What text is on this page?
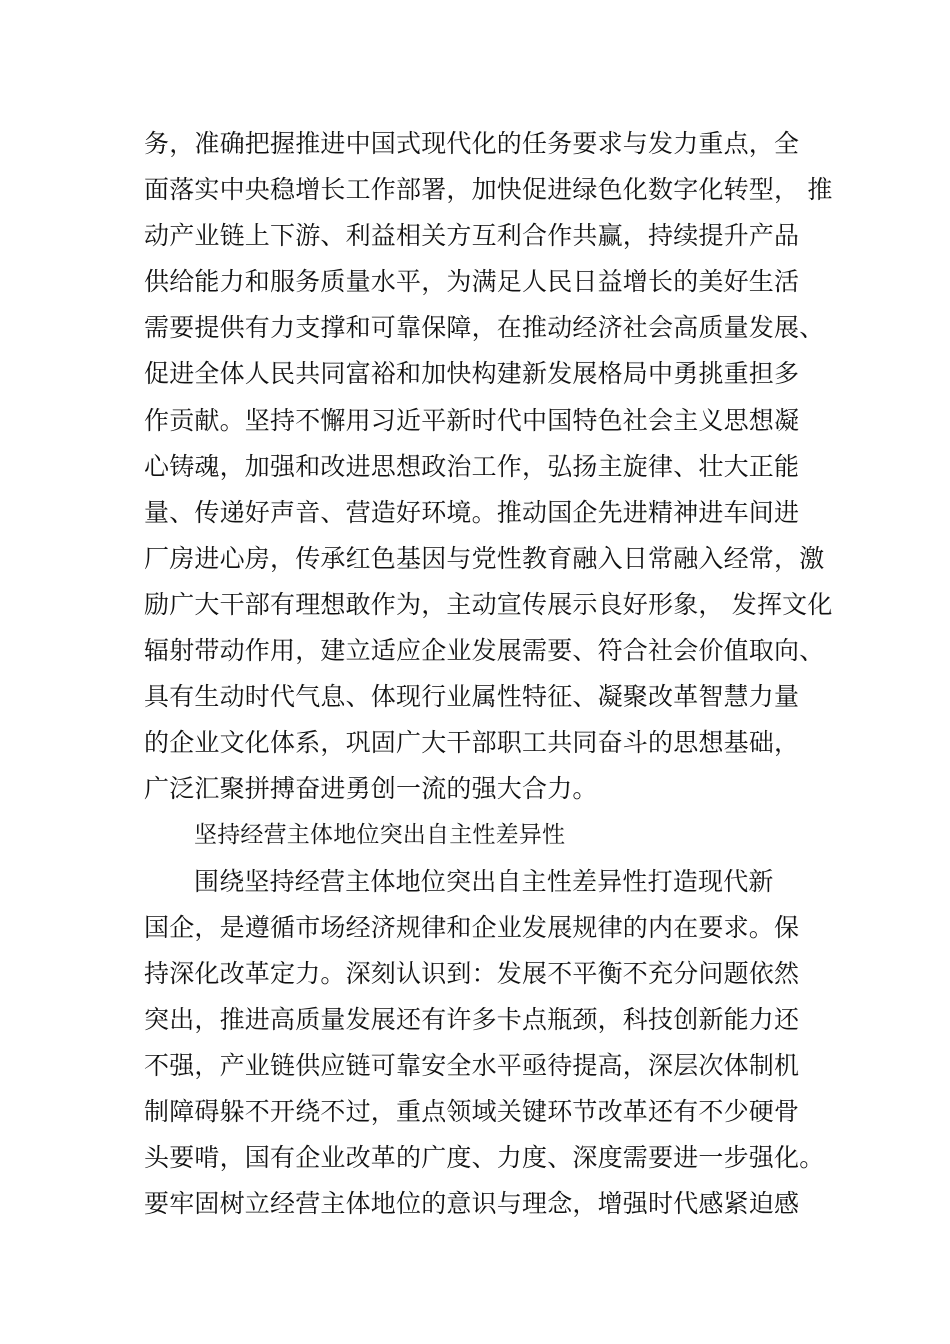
务，准确把握推进中国式现代化的任务要求与发力重点，全
面落实中央稳增长工作部署，加快促进绿色化数字化转型， 推
动产业链上下游、利益相关方互利合作共赢，持续提升产品
供给能力和服务质量水平，为满足人民日益增长的美好生活
需要提供有力支撑和可靠保障，在推动经济社会高质量发展、
促进全体人民共同富裕和加快构建新发展格局中勇挑重担多
作贡献。坚持不懈用习近平新时代中国特色社会主义思想凝
心铸魂，加强和改进思想政治工作，弘扬主旋律、壮大正能
量、传递好声音、营造好环境。推动国企先进精神进车间进
厂房进心房，传承红色基因与党性教育融入日常融入经常，激
励广大干部有理想敢作为，主动宣传展示良好形象， 发挥文化
辐射带动作用，建立适应企业发展需要、符合社会价值取向、
具有生动时代气息、体现行业属性特征、凝聚改革智慧力量
的企业文化体系，巩固广大干部职工共同奋斗的思想基础，
广泛汇聚拼搏奋进勇创一流的强大合力。
坚持经营主体地位突出自主性差异性
围绕坚持经营主体地位突出自主性差异性打造现代新
国企，是遵循市场经济规律和企业发展规律的内在要求。保
持深化改革定力。深刻认识到：发展不平衡不充分问题依然
突出，推进高质量发展还有许多卡点瓶颈，科技创新能力还
不强，产业链供应链可靠安全水平亟待提高，深层次体制机
制障碍躲不开绕不过，重点领域关键环节改革还有不少硬骨
头要啃，国有企业改革的广度、力度、深度需要进一步强化。
要牢固树立经营主体地位的意识与理念，增强时代感紧迫感
